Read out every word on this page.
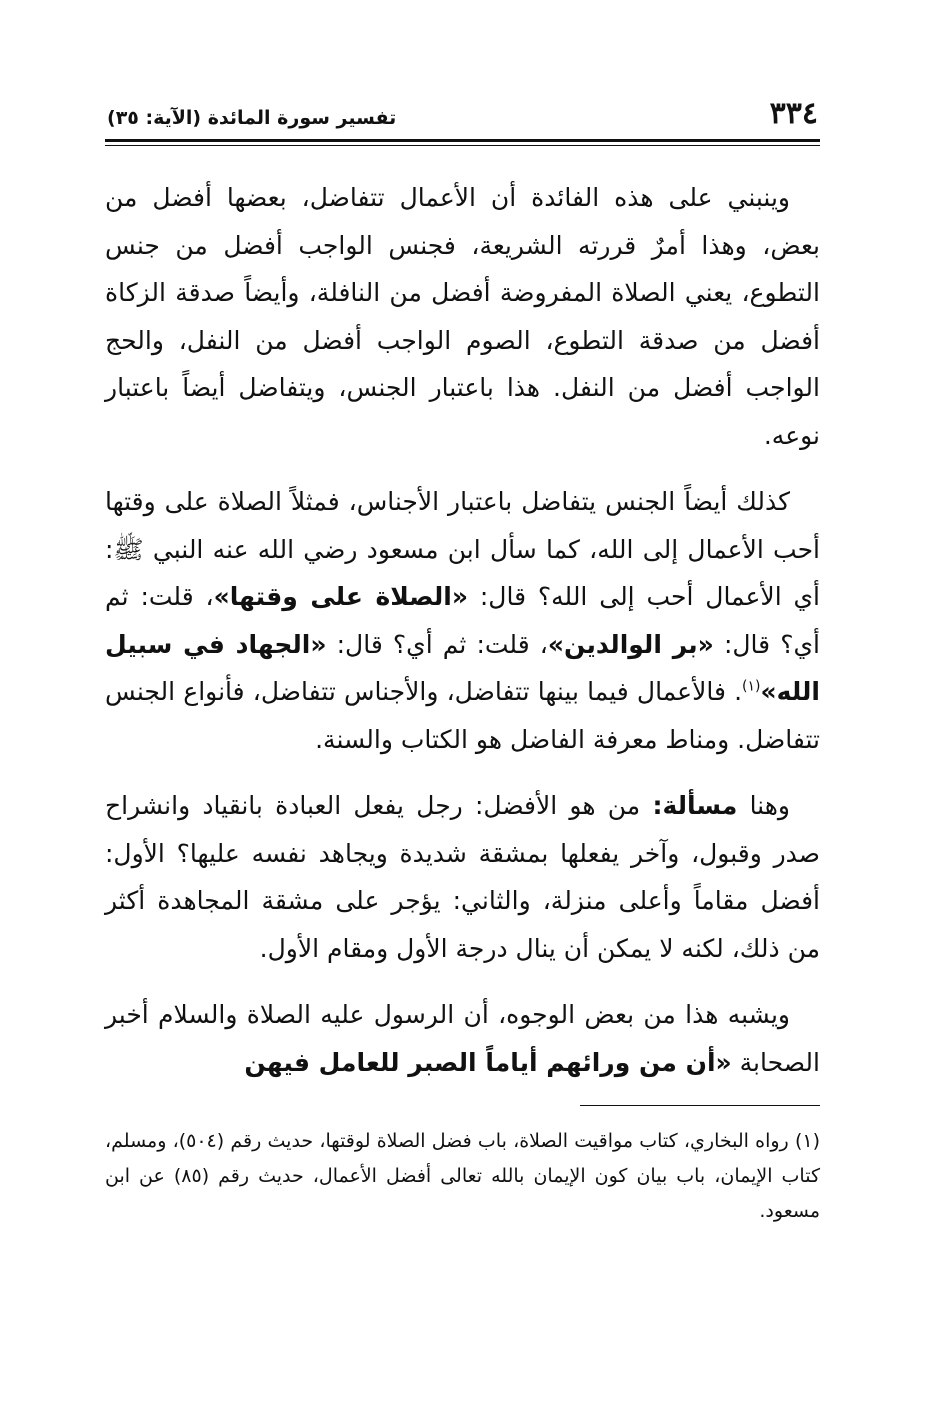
٣٣٤
تفسير سورة المائدة (الآية: ٣٥)

وينبني على هذه الفائدة أن الأعمال تتفاضل، بعضها أفضل من بعض، وهذا أمرٌ قررته الشريعة، فجنس الواجب أفضل من جنس التطوع، يعني الصلاة المفروضة أفضل من النافلة، وأيضاً صدقة الزكاة أفضل من صدقة التطوع، الصوم الواجب أفضل من النفل، والحج الواجب أفضل من النفل. هذا باعتبار الجنس، ويتفاضل أيضاً باعتبار نوعه.

كذلك أيضاً الجنس يتفاضل باعتبار الأجناس، فمثلاً الصلاة على وقتها أحب الأعمال إلى الله، كما سأل ابن مسعود رضي الله عنه النبي ﷺ: أي الأعمال أحب إلى الله؟ قال: «الصلاة على وقتها»، قلت: ثم أي؟ قال: «بر الوالدين»، قلت: ثم أي؟ قال: «الجهاد في سبيل الله»$^{(١)}$. فالأعمال فيما بينها تتفاضل، والأجناس تتفاضل، فأنواع الجنس تتفاضل. ومناط معرفة الفاضل هو الكتاب والسنة.

وهنا مسألة: من هو الأفضل: رجل يفعل العبادة بانقياد وانشراح صدر وقبول، وآخر يفعلها بمشقة شديدة ويجاهد نفسه عليها؟ الأول: أفضل مقاماً وأعلى منزلة، والثاني: يؤجر على مشقة المجاهدة أكثر من ذلك، لكنه لا يمكن أن ينال درجة الأول ومقام الأول.

ويشبه هذا من بعض الوجوه، أن الرسول عليه الصلاة والسلام أخبر الصحابة «أن من ورائهم أياماً الصبر للعامل فيهن

(١) رواه البخاري، كتاب مواقيت الصلاة، باب فضل الصلاة لوقتها، حديث رقم (٥٠٤)، ومسلم، كتاب الإيمان، باب بيان كون الإيمان بالله تعالى أفضل الأعمال، حديث رقم (٨٥) عن ابن مسعود.
